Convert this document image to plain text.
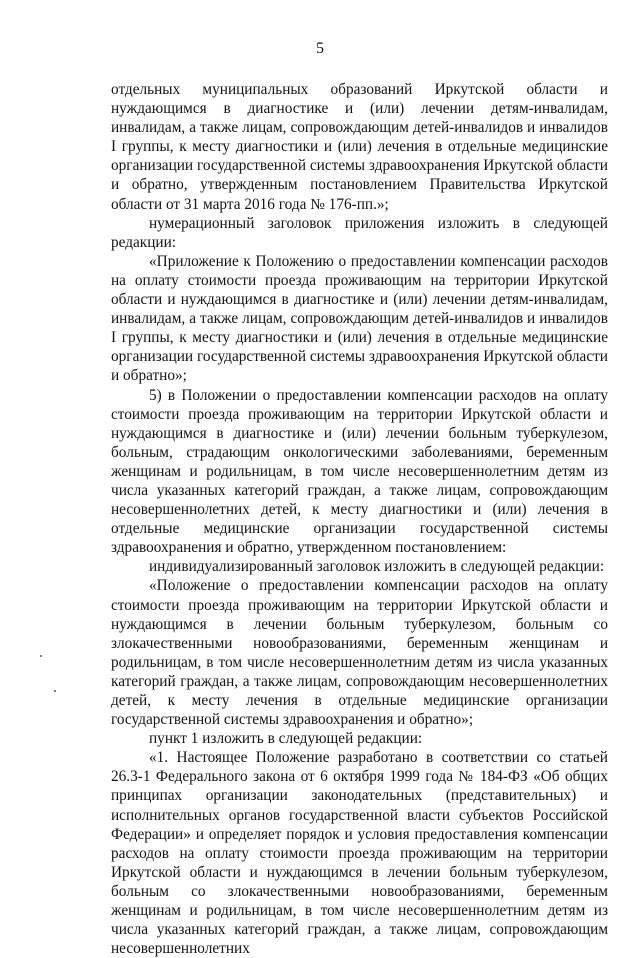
5

отдельных муниципальных образований Иркутской области и нуждающимся в диагностике и (или) лечении детям-инвалидам, инвалидам, а также лицам, сопровождающим детей-инвалидов и инвалидов I группы, к месту диагностики и (или) лечения в отдельные медицинские организации государственной системы здравоохранения Иркутской области и обратно, утвержденным постановлением Правительства Иркутской области от 31 марта 2016 года № 176-пп.»;

нумерационный заголовок приложения изложить в следующей редакции:

«Приложение к Положению о предоставлении компенсации расходов на оплату стоимости проезда проживающим на территории Иркутской области и нуждающимся в диагностике и (или) лечении детям-инвалидам, инвалидам, а также лицам, сопровождающим детей-инвалидов и инвалидов I группы, к месту диагностики и (или) лечения в отдельные медицинские организации государственной системы здравоохранения Иркутской области и обратно»;

5) в Положении о предоставлении компенсации расходов на оплату стоимости проезда проживающим на территории Иркутской области и нуждающимся в диагностике и (или) лечении больным туберкулезом, больным, страдающим онкологическими заболеваниями, беременным женщинам и родильницам, в том числе несовершеннолетним детям из числа указанных категорий граждан, а также лицам, сопровождающим несовершеннолетних детей, к месту диагностики и (или) лечения в отдельные медицинские организации государственной системы здравоохранения и обратно, утвержденном постановлением:

индивидуализированный заголовок изложить в следующей редакции:

«Положение о предоставлении компенсации расходов на оплату стоимости проезда проживающим на территории Иркутской области и нуждающимся в лечении больным туберкулезом, больным со злокачественными новообразованиями, беременным женщинам и родильницам, в том числе несовершеннолетним детям из числа указанных категорий граждан, а также лицам, сопровождающим несовершеннолетних детей, к месту лечения в отдельные медицинские организации государственной системы здравоохранения и обратно»;

пункт 1 изложить в следующей редакции:

«1. Настоящее Положение разработано в соответствии со статьей 26.3-1 Федерального закона от 6 октября 1999 года № 184-ФЗ «Об общих принципах организации законодательных (представительных) и исполнительных органов государственной власти субъектов Российской Федерации» и определяет порядок и условия предоставления компенсации расходов на оплату стоимости проезда проживающим на территории Иркутской области и нуждающимся в лечении больным туберкулезом, больным со злокачественными новообразованиями, беременным женщинам и родильницам, в том числе несовершеннолетним детям из числа указанных категорий граждан, а также лицам, сопровождающим несовершеннолетних
